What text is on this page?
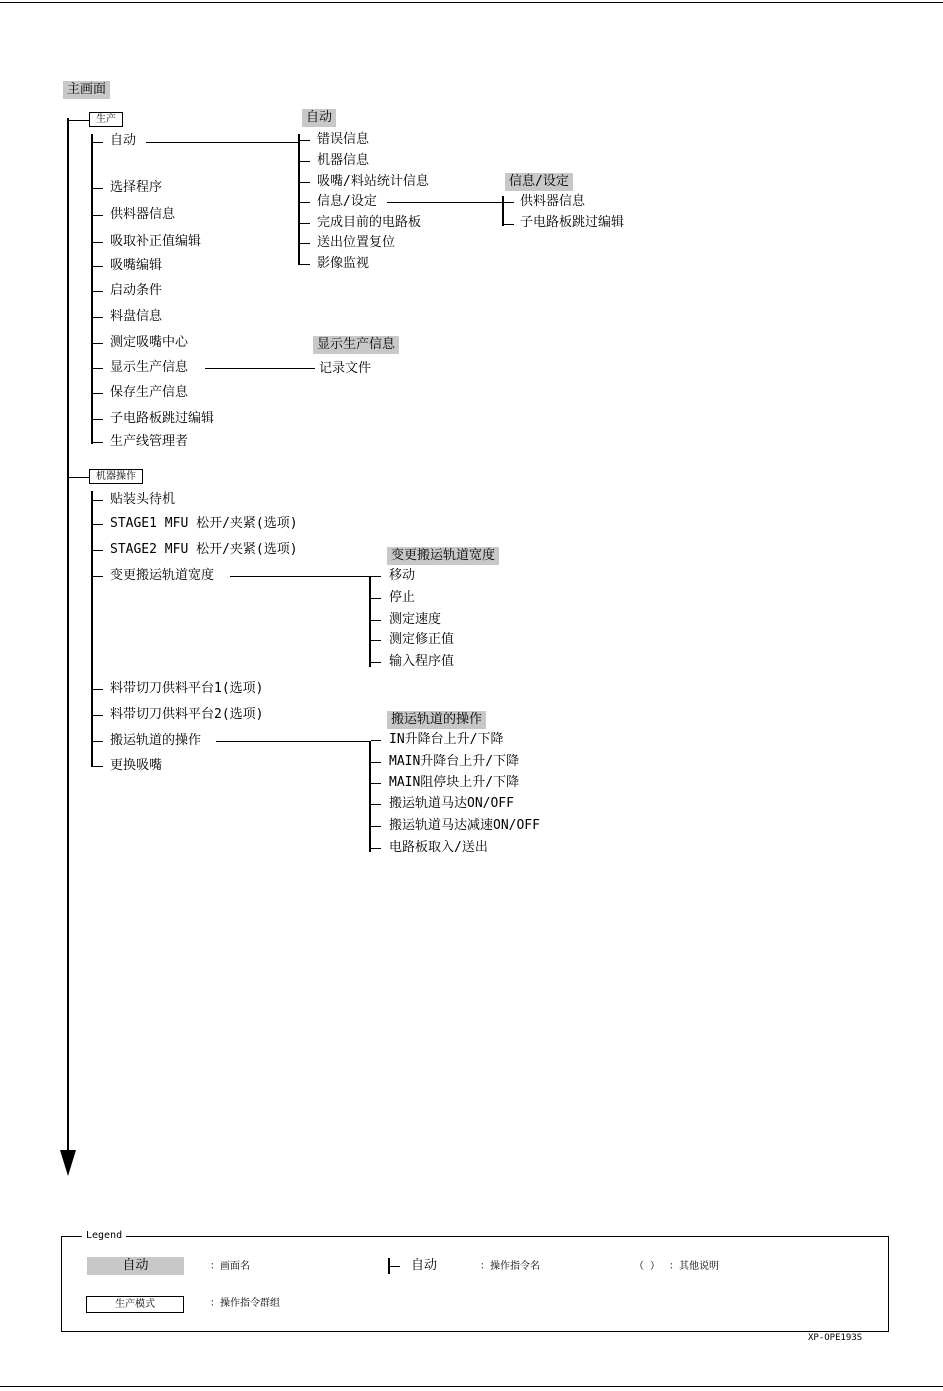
主画面
生产
自动
选择程序
供料器信息
吸取补正值编辑
吸嘴编辑
启动条件
料盘信息
测定吸嘴中心
显示生产信息
保存生产信息
子电路板跳过编辑
生产线管理者
自动
错误信息
机器信息
吸嘴/料站统计信息
信息/设定
完成目前的电路板
送出位置复位
影像监视
信息/设定
供料器信息
子电路板跳过编辑
显示生产信息
记录文件
机器操作
贴装头待机
STAGE1 MFU 松开/夹紧(选项)
STAGE2 MFU 松开/夹紧(选项)
变更搬运轨道宽度
料带切刀供料平台1(选项)
料带切刀供料平台2(选项)
搬运轨道的操作
更换吸嘴
变更搬运轨道宽度
移动
停止
测定速度
测定修正值
输入程序值
搬运轨道的操作
IN升降台上升/下降
MAIN升降台上升/下降
MAIN阻停块上升/下降
搬运轨道马达ON/OFF
搬运轨道马达减速ON/OFF
电路板取入/送出
Legend
自动	：画面名	自动	：操作指令名	（ ） ：其他说明
生产模式	：操作指令群组
XP-OPE193S
